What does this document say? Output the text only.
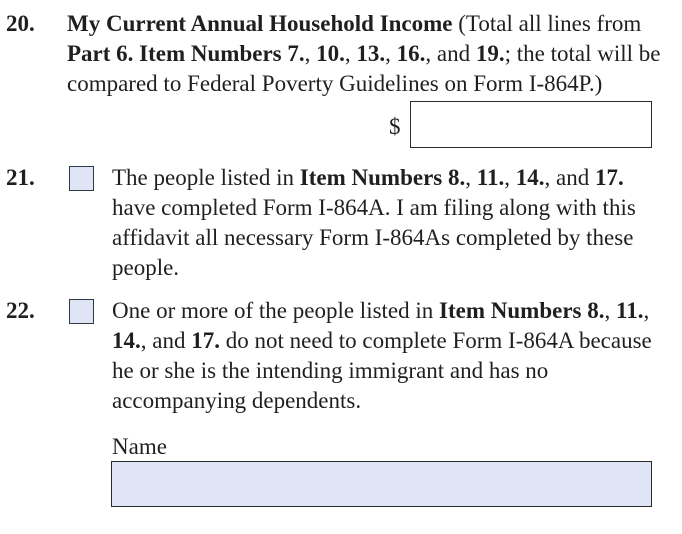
20. My Current Annual Household Income (Total all lines from Part 6. Item Numbers 7., 10., 13., 16., and 19.; the total will be compared to Federal Poverty Guidelines on Form I-864P.)

$
21.	The people listed in Item Numbers 8., 11., 14., and 17. have completed Form I-864A. I am filing along with this affidavit all necessary Form I-864As completed by these people.

22.	One or more of the people listed in Item Numbers 8., 11., 14., and 17. do not need to complete Form I-864A because he or she is the intending immigrant and has no accompanying dependents.

Name
